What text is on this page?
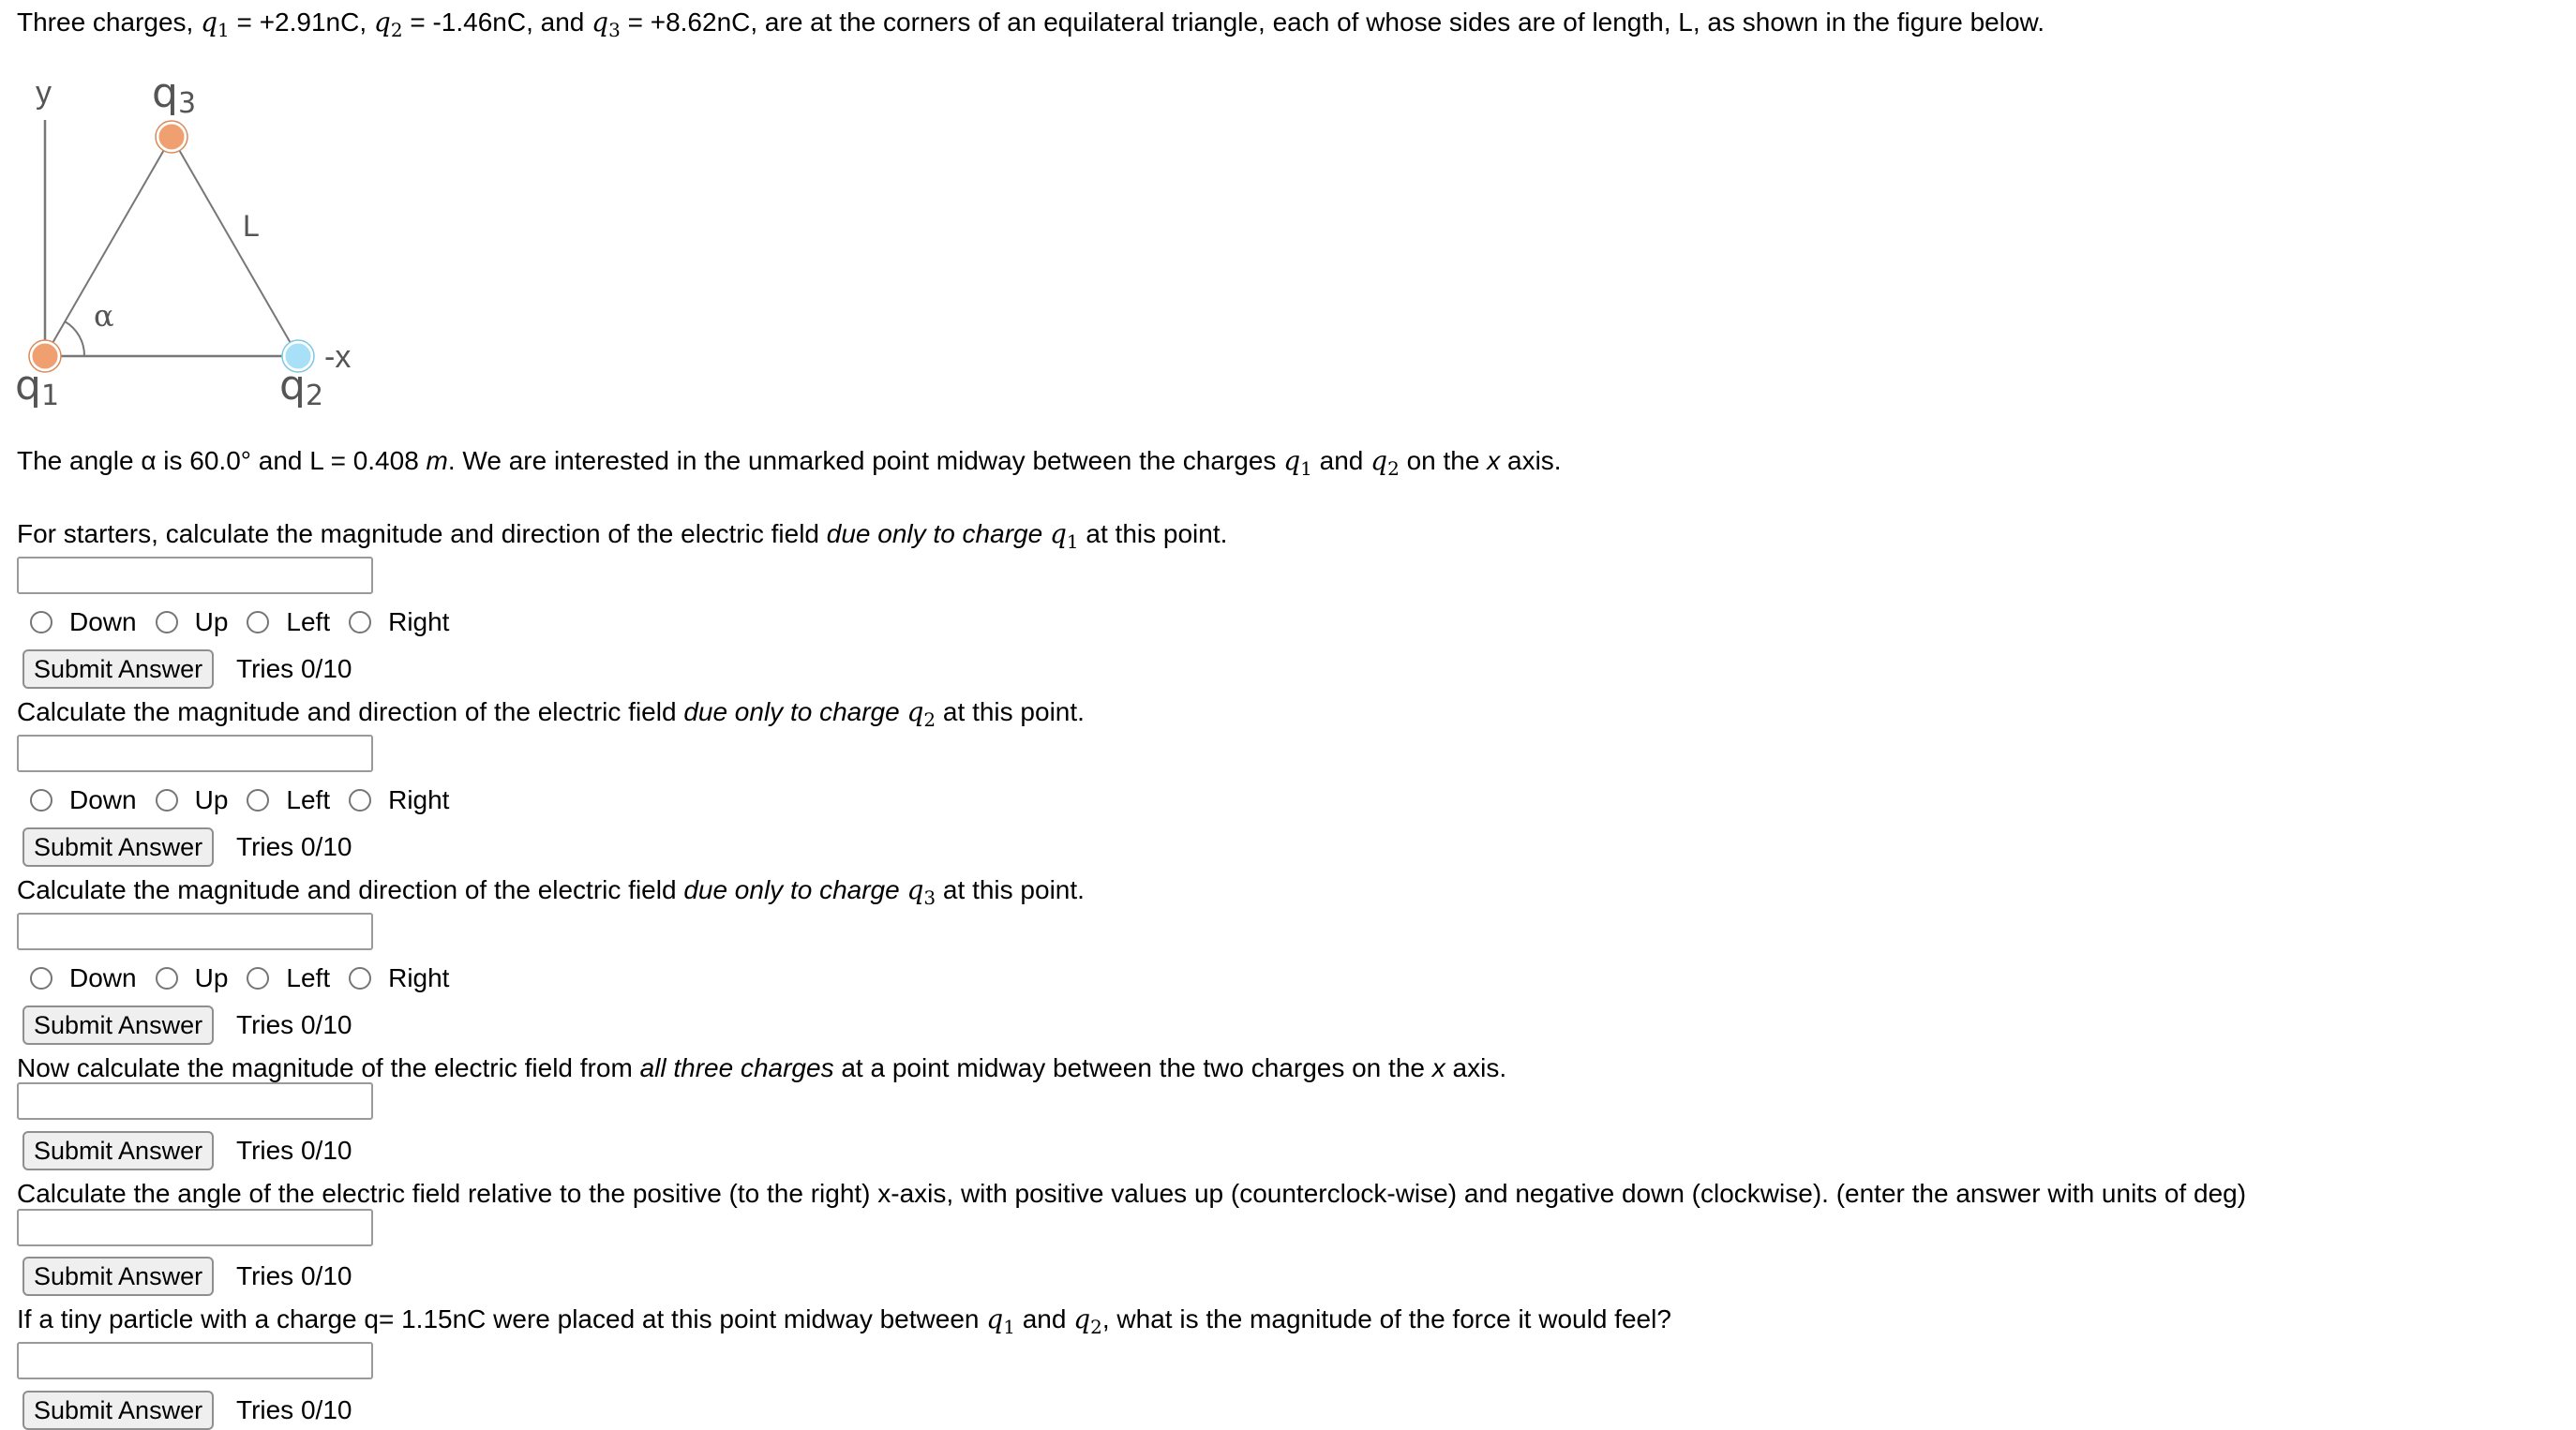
Three charges, $q_1 = +2.91nC$, $q_2 = -1.46nC$, and $q_3 = +8.62nC$, are at the corners of an equilateral triangle, each of whose sides are of length, L, as shown in the figure below.
α
y
-x
L
q3
q1	q2
The angle α is 60.0° and L = 0.408 m. We are interested in the unmarked point midway between the charges $q_1$ and $q_2$ on the x axis.
For starters, calculate the magnitude and direction of the electric field due only to charge $q_1$ at this point.
Down Up Left Right
Submit Answer	Tries 0/10
Calculate the magnitude and direction of the electric field due only to charge $q_2$ at this point.
Down Up Left Right
Submit Answer	Tries 0/10
Calculate the magnitude and direction of the electric field due only to charge $q_3$ at this point.
Down Up Left Right
Submit Answer	Tries 0/10
Now calculate the magnitude of the electric field from all three charges at a point midway between the two charges on the x axis.
Submit Answer	Tries 0/10
Calculate the angle of the electric field relative to the positive (to the right) x-axis, with positive values up (counterclock-wise) and negative down (clockwise). (enter the answer with units of deg)
Submit Answer	Tries 0/10
If a tiny particle with a charge q= 1.15nC were placed at this point midway between $q_1$ and $q_2$, what is the magnitude of the force it would feel?
Submit Answer	Tries 0/10
